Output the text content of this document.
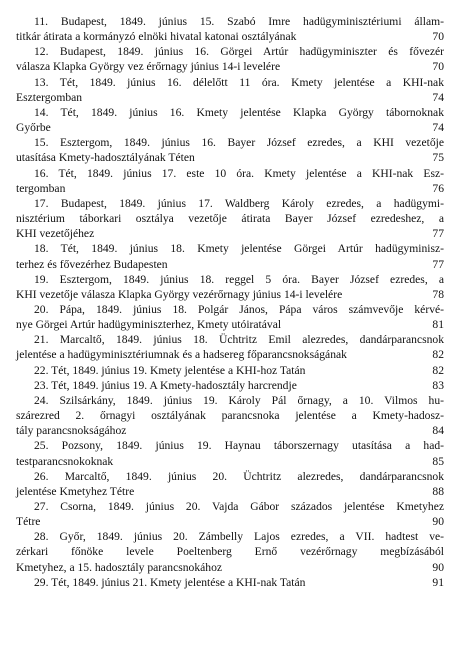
11. Budapest, 1849. június 15. Szabó Imre hadügyminisztériumi állam-
titkár átirata a kormányzó elnöki hivatal katonai osztályának	70
12. Budapest, 1849. június 16. Görgei Artúr hadügyminiszter és fővezér
válasza Klapka György vez érőrnagy június 14-i levelére	70
13. Tét, 1849. június 16. délelőtt 11 óra. Kmety jelentése a KHI-nak
Esztergomban	74
14. Tét, 1849. június 16. Kmety jelentése Klapka György tábornoknak
Győrbe	74
15. Esztergom, 1849. június 16. Bayer József ezredes, a KHI vezetője
utasítása Kmety-hadosztályának Téten	75
16. Tét, 1849. június 17. este 10 óra. Kmety jelentése a KHI-nak Esz-
tergomban	76
17. Budapest, 1849. június 17. Waldberg Károly ezredes, a hadügymi-
nisztérium táborkari osztálya vezetője átirata Bayer József ezredeshez, a
KHI vezetőjéhez	77
18. Tét, 1849. június 18. Kmety jelentése Görgei Artúr hadügyminisz-
terhez és fővezérhez Budapesten	77
19. Esztergom, 1849. június 18. reggel 5 óra. Bayer József ezredes, a
KHI vezetője válasza Klapka György vezérőrnagy június 14-i levelére	78
20. Pápa, 1849. június 18. Polgár János, Pápa város számvevője kérvé-
nye Görgei Artúr hadügyminiszterhez, Kmety utóiratával	81
21. Marcaltő, 1849. június 18. Üchtritz Emil alezredes, dandárparancsnok
jelentése a hadügyminisztériumnak és a hadsereg főparancsnokságának	82
22. Tét, 1849. június 19. Kmety jelentése a KHI-hoz Tatán	82
23. Tét, 1849. június 19. A Kmety-hadosztály harcrendje	83
24. Szilsárkány, 1849. június 19. Károly Pál őrnagy, a 10. Vilmos hu-
szárezred 2. őrnagyi osztályának parancsnoka jelentése a Kmety-hadosz-
tály parancsnokságához	84
25. Pozsony, 1849. június 19. Haynau táborszernagy utasítása a had-
testparancsnokoknak	85
26. Marcaltő, 1849. június 20. Üchtritz alezredes, dandárparancsnok
jelentése Kmetyhez Tétre	88
27. Csorna, 1849. június 20. Vajda Gábor százados jelentése Kmetyhez
Tétre	90
28. Győr, 1849. június 20. Zámbelly Lajos ezredes, a VII. hadtest ve-
zérkari főnöke levele Poeltenberg Ernő vezérőrnagy megbízásából
Kmetyhez, a 15. hadosztály parancsnokához	90
29. Tét, 1849. június 21. Kmety jelentése a KHI-nak Tatán	91
